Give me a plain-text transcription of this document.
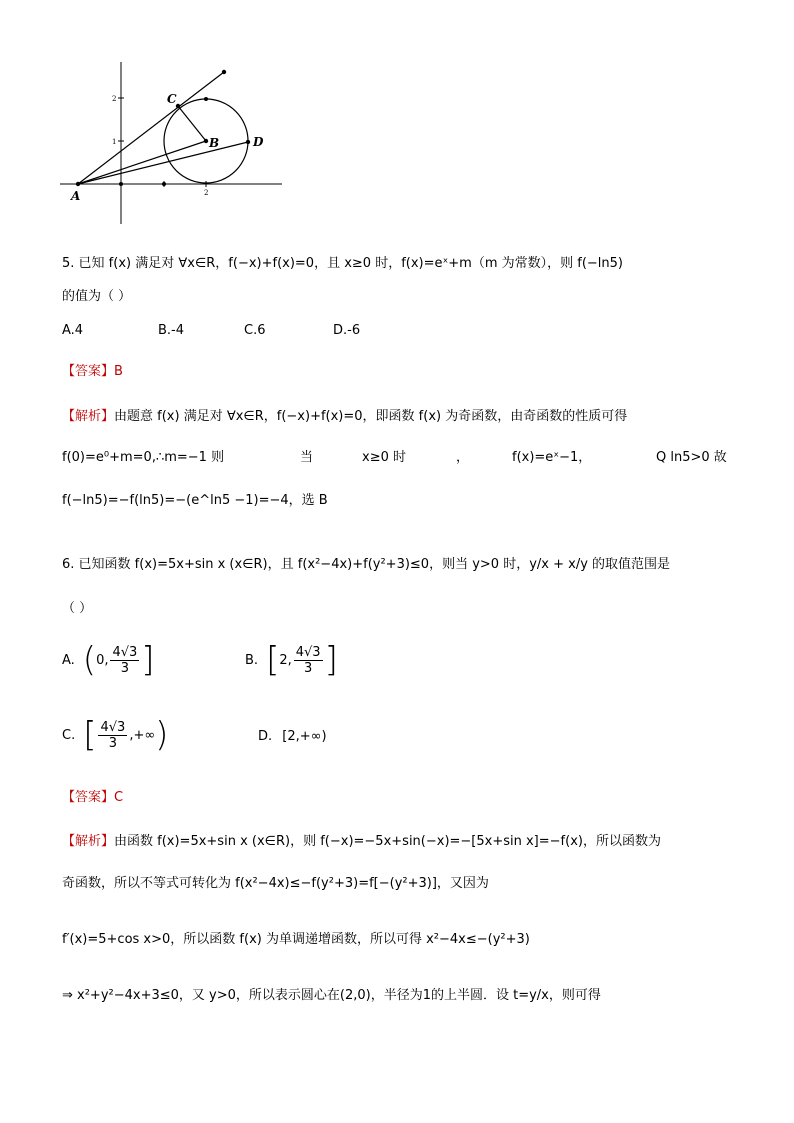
2
1
2
A
B
C
D
5. 已知 f(x) 满足对 ∀x∈R，f(−x)+f(x)=0，且 x≥0 时，f(x)=eˣ+m（m 为常数），则 f(−ln5)
的值为（ ）
A.4	B.-4	C.6	D.-6
【答案】B
【解析】由题意 f(x) 满足对 ∀x∈R，f(−x)+f(x)=0，即函数 f(x) 为奇函数，由奇函数的性质可得
f(0)=e⁰+m=0,∴m=−1 则	当	x≥0 时	，	f(x)=eˣ−1，	Q ln5>0 故
f(−ln5)=−f(ln5)=−(e^ln5 −1)=−4，选 B
6. 已知函数 f(x)=5x+sin x (x∈R)，且 f(x²−4x)+f(y²+3)≤0，则当 y>0 时，y/x + x/y 的取值范围是
（ ）
A. ( 0, $\frac{4√3}{3}$ ]	B. [ 2, $\frac{4√3}{3}$ ]
C. [ $\frac{4√3}{3}$ ,+∞ )	D. [2,+∞)
【答案】C
【解析】由函数 f(x)=5x+sin x (x∈R)，则 f(−x)=−5x+sin(−x)=−[5x+sin x]=−f(x)，所以函数为
奇函数，所以不等式可转化为 f(x²−4x)≤−f(y²+3)=f[−(y²+3)]，又因为
f′(x)=5+cos x>0，所以函数 f(x) 为单调递增函数，所以可得 x²−4x≤−(y²+3)
⇒ x²+y²−4x+3≤0，又 y>0，所以表示圆心在(2,0)，半径为1的上半圆．设 t=y/x，则可得
